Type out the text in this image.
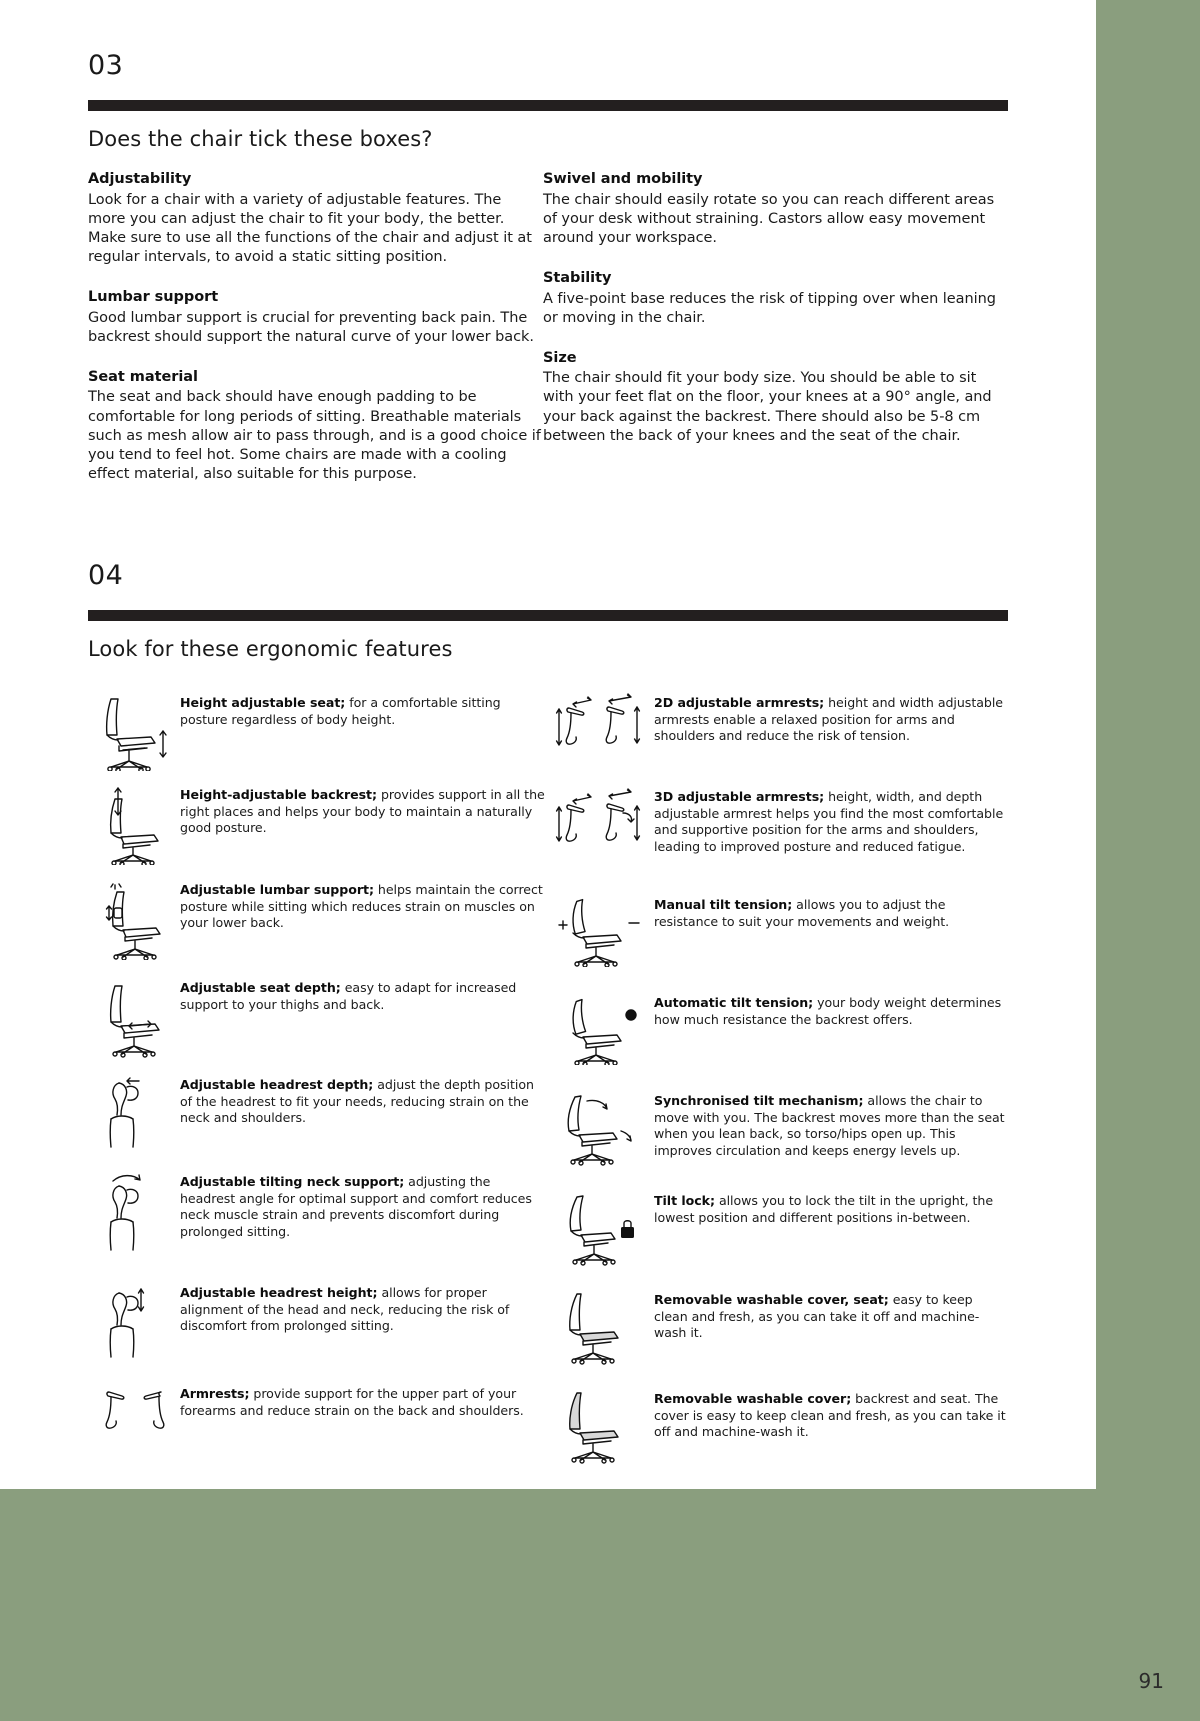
03
Does the chair tick these boxes?
Adjustability

Look for a chair with a variety of adjustable features. The more you can adjust the chair to fit your body, the better. Make sure to use all the functions of the chair and adjust it at regular intervals, to avoid a static sitting position.

Lumbar support

Good lumbar support is crucial for preventing back pain. The backrest should support the natural curve of your lower back.

Seat material

The seat and back should have enough padding to be comfortable for long periods of sitting. Breathable materials such as mesh allow air to pass through, and is a good choice if you tend to feel hot. Some chairs are made with a cooling effect material, also suitable for this purpose.

Swivel and mobility

The chair should easily rotate so you can reach different areas of your desk without straining. Castors allow easy movement around your workspace.

Stability

A five-point base reduces the risk of tipping over when leaning or moving in the chair.

Size

The chair should fit your body size. You should be able to sit with your feet flat on the floor, your knees at a 90° angle, and your back against the backrest. There should also be 5-8 cm between the back of your knees and the seat of the chair.

04
Look for these ergonomic features
Height adjustable seat; for a comfortable sitting posture regardless of body height.
Height-adjustable backrest; provides support in all the right places and helps your body to maintain a naturally good posture.
Adjustable lumbar support; helps maintain the correct posture while sitting which reduces strain on muscles on your lower back.
Adjustable seat depth; easy to adapt for increased support to your thighs and back.
Adjustable headrest depth; adjust the depth position of the headrest to fit your needs, reducing strain on the neck and shoulders.
Adjustable tilting neck support; adjusting the headrest angle for optimal support and comfort reduces neck muscle strain and prevents discomfort during prolonged sitting.
Adjustable headrest height; allows for proper alignment of the head and neck, reducing the risk of discomfort from prolonged sitting.
Armrests; provide support for the upper part of your forearms and reduce strain on the back and shoulders.
2D adjustable armrests; height and width adjustable armrests enable a relaxed position for arms and shoulders and reduce the risk of tension.
3D adjustable armrests; height, width, and depth adjustable armrest helps you find the most comfortable and supportive position for the arms and shoulders, leading to improved posture and reduced fatigue.
Manual tilt tension; allows you to adjust the resistance to suit your movements and weight.
Automatic tilt tension; your body weight determines how much resistance the backrest offers.
Synchronised tilt mechanism; allows the chair to move with you. The backrest moves more than the seat when you lean back, so torso/hips open up. This improves circulation and keeps energy levels up.
Tilt lock; allows you to lock the tilt in the upright, the lowest position and different positions in-between.
Removable washable cover, seat; easy to keep clean and fresh, as you can take it off and machine-wash it.
Removable washable cover; backrest and seat. The cover is easy to keep clean and fresh, as you can take it off and machine-wash it.
91
